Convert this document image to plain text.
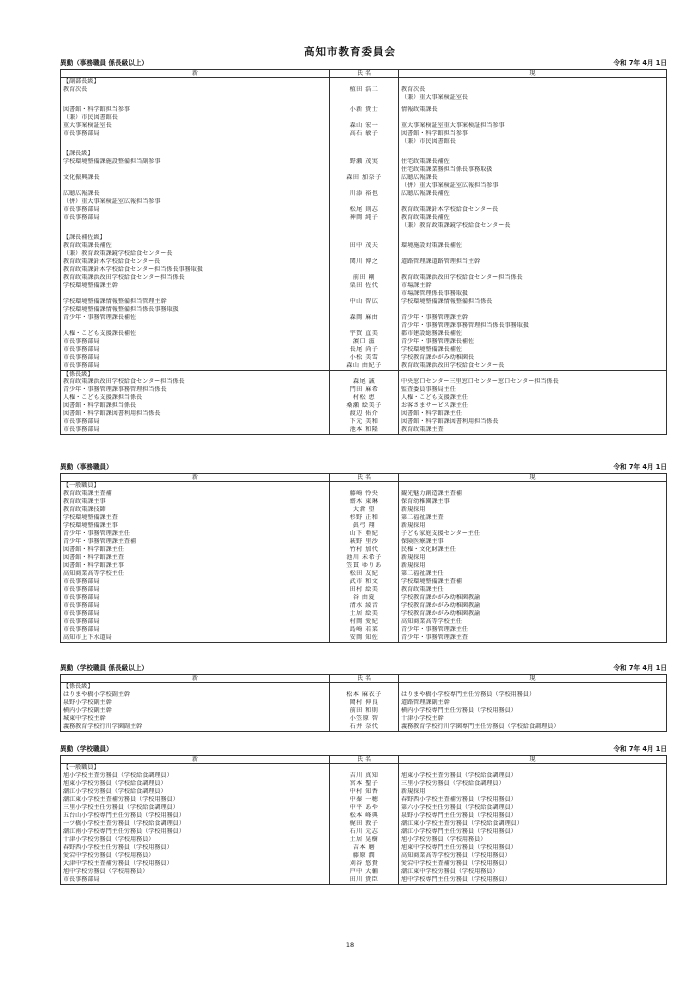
高知市教育委員会
異動（事務職員 係長級以上）	令和 7年 4月 1日
新	氏 名	現
【副部長級】
教育次長	植田 浩二	教育次長
（兼）重大事案検証室長
図書館・科学館担当参事	小新 貴士	情報政策課長
（兼）市民図書館長
重大事案検証室長	森山 宏一	重大事案検証室重大事案検証担当参事
市長事務部局	高石 敏子	図書館・科学館担当参事
（兼）市民図書館長
【課長級】
学校環境整備課施設整備担当副参事	野瀬 茂実	住宅政策課長補佐
住宅政策課業務担当係長事務取扱
文化振興課長	森田 加奈子	広聴広報課長
（併）重大事案検証室広報担当参事
広聴広報課長	川添 裕也	広聴広報課長補佐
（併）重大事案検証室広報担当参事
市長事務部局	松尾 則志	教育政策課針木学校給食センター長
市長事務部局	神岡 純子	教育政策課長補佐
（兼）教育政策課鏡学校給食センター長
【課長補佐級】
教育政策課長補佐	田中 茂夫	環境施設対策課長補佐
（兼）教育政策課鏡学校給食センター長
教育政策課針木学校給食センター長	関川 博之	道路管理課道路管理担当主幹
教育政策課針木学校給食センター担当係長事務取扱
教育政策課浜改田学校給食センター担当係長	前田 剛	教育政策課浜改田学校給食センター担当係長
学校環境整備課主幹	栗田 佐代	市場課主幹
市場課管理係長事務取扱
学校環境整備課情報整備担当管理主幹	中山 智広	学校環境整備課情報整備担当係長
学校環境整備課情報整備担当係長事務取扱
青少年・事務管理課長補佐	森岡 麻由	青少年・事務管理課主幹
青少年・事務管理課事務管理担当係長事務取扱
人権・こども支援課長補佐	宇賀 直美	都市建設総務課長補佐
市長事務部局	濵口 滋	青少年・事務管理課長補佐
市長事務部局	長尾 尚子	学校環境整備課長補佐
市長事務部局	小松 美雪	学校教育課かがみ幼稚園長
市長事務部局	森山 由紀子	教育政策課浜改田学校給食センター長
【係長級】
教育政策課浜改田学校給食センター担当係長	森尾 誠	中央窓口センター三里窓口センター窓口センター担当係長
青少年・事務管理課事務管理担当係長	門田 麻希	監査委員事務局主任
人権・こども支援課担当係長	村松 恵	人権・こども支援課主任
図書館・科学館課担当係長	桑瀬 絵美子	お客さまサービス課主任
図書館・科学館課図書利用担当係長	渡辺 佑介	図書館・科学館課主任
市長事務部局	下元 美和	図書館・科学館課図書利用担当係長
市長事務部局	池本 和隆	教育政策課主査
異動（事務職員）	令和 7年 4月 1日
新	氏 名	現
【一般職員】
教育政策課主査補	藤崎 怜央	観光魅力創造課主査補
教育政策課主事	齋木 東琳	保育幼稚園課主事
教育政策課技師	大倉 望	新規採用
学校環境整備課主査	杉野 正和	第二福祉課主査
学校環境整備課主事	眞弓 翔	新規採用
青少年・事務管理課主任	山下 亜紀	子ども家庭支援センター主任
青少年・事務管理課主査補	萩野 里沙	保険医療課主事
図書館・科学館課主任	竹村 加代	民権・文化財課主任
図書館・科学館課主査	池川 未希子	新規採用
図書館・科学館課主事	笠貫 ゆりあ	新規採用
高知商業高等学校主任	松田 友紀	第二福祉課主任
市長事務部局	武市 和文	学校環境整備課主査補
市長事務部局	田村 絵美	教育政策課主任
市長事務部局	谷 由夏	学校教育課かがみ幼稚園教諭
市長事務部局	清水 綾音	学校教育課かがみ幼稚園教諭
市長事務部局	土居 絵美	学校教育課かがみ幼稚園教諭
市長事務部局	村岡 愛紀	高知商業高等学校主任
市長事務部局	島崎 若菜	青少年・事務管理課主任
高知市上下水道局	安岡 知佐	青少年・事務管理課主査
異動（学校職員 係長級以上）	令和 7年 4月 1日
新	氏 名	現
【係長級】
はりまや橋小学校副主幹	松本 麻衣子	はりまや橋小学校専門主任労務員（学校用務員）
泉野小学校副主幹	岡村 伸良	道路管理課副主幹
横内小学校副主幹	前田 和則	横内小学校専門主任労務員（学校用務員）
城東中学校主幹	小笠原 智	十津小学校主幹
義務教育学校行川学園副主幹	石井 奈代	義務教育学校行川学園専門主任労務員（学校給食調理員）
異動（学校職員）	令和 7年 4月 1日
新	氏 名	現
【一般職員】
旭小学校主査労務員（学校給食調理員）	吉川 真知	旭東小学校主査労務員（学校給食調理員）
旭東小学校労務員（学校給食調理員）	宮本 聖子	三里小学校労務員（学校給食調理員）
潮江小学校労務員（学校給食調理員）	中村 知香	新規採用
潮江東小学校主査補労務員（学校用務員）	中秦 一穂	春野西小学校主査補労務員（学校用務員）
三里小学校主任労務員（学校給食調理員）	中平 あや	第六小学校主任労務員（学校給食調理員）
五台山小学校専門主任労務員（学校用務員）	松本 峰典	泉野小学校専門主任労務員（学校用務員）
一ツ橋小学校主査労務員（学校給食調理員）	梶田 敦子	潮江東小学校主査労務員（学校給食調理員）
潮江南小学校専門主任労務員（学校用務員）	石川 元志	潮江小学校専門主任労務員（学校用務員）
十津小学校労務員（学校用務員）	土居 晃樹	旭小学校労務員（学校用務員）
春野西小学校主任労務員（学校用務員）	吉本 磨	旭東中学校専門主任労務員（学校用務員）
愛宕中学校労務員（学校用務員）	藤原 潤	高知商業高等学校労務員（学校用務員）
大津中学校主査補労務員（学校用務員）	刈谷 悠貴	愛宕中学校主査補労務員（学校用務員）
旭中学校労務員（学校用務員）	戸中 大輔	潮江東中学校労務員（学校用務員）
市長事務部局	田川 貴臣	旭中学校専門主任労務員（学校用務員）
18
